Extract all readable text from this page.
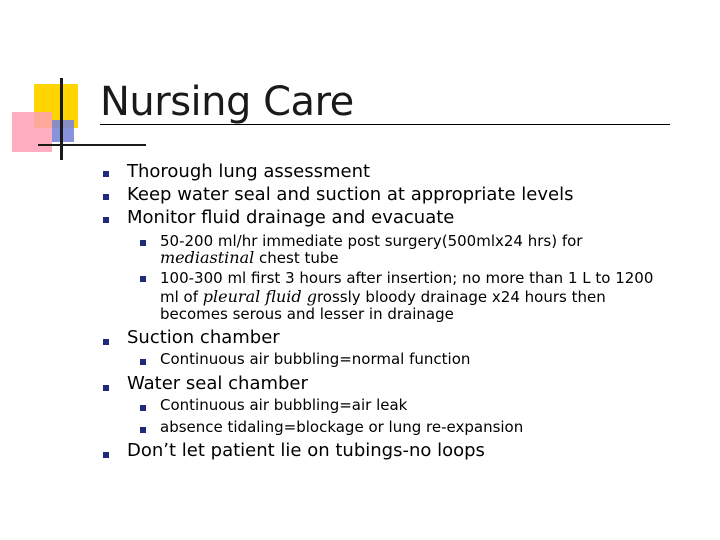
Nursing Care
Thorough lung assessment
Keep water seal and suction at appropriate levels
Monitor fluid drainage and evacuate
50-200 ml/hr immediate post surgery(500mlx24 hrs) for
mediastinal chest tube
100-300 ml first 3 hours after insertion; no more than 1 L to 1200
ml of pleural fluid grossly bloody drainage x24 hours then
becomes serous and lesser in drainage
Suction chamber
Continuous air bubbling=normal function
Water seal chamber
Continuous air bubbling=air leak
absence tidaling=blockage or lung re-expansion
Don’t let patient lie on tubings-no loops
